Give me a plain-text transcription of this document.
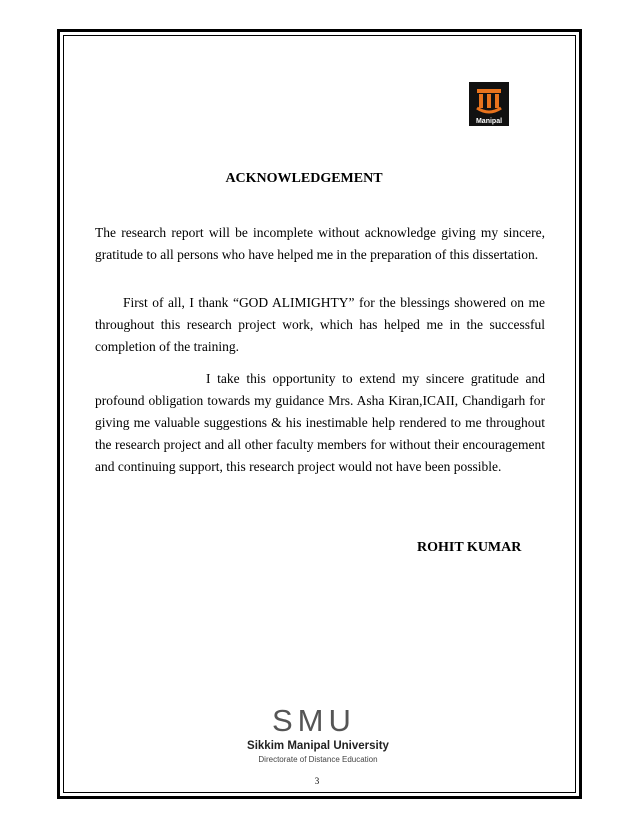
Manipal
ACKNOWLEDGEMENT

The research report will be incomplete without acknowledge giving my sincere, gratitude to all persons who have helped me in the preparation of this dissertation.

First of all, I thank “GOD ALIMIGHTY” for the blessings showered on me throughout this research project work, which has helped me in the successful completion of the training.

I take this opportunity to extend my sincere gratitude and profound obligation towards my guidance Mrs. Asha Kiran,ICAII, Chandigarh for giving me valuable suggestions & his inestimable help rendered to me throughout the research project and all other faculty members for without their encouragement and continuing support, this research project would not have been possible.

ROHIT KUMAR
SMU
Sikkim Manipal University
Directorate of Distance Education
3
